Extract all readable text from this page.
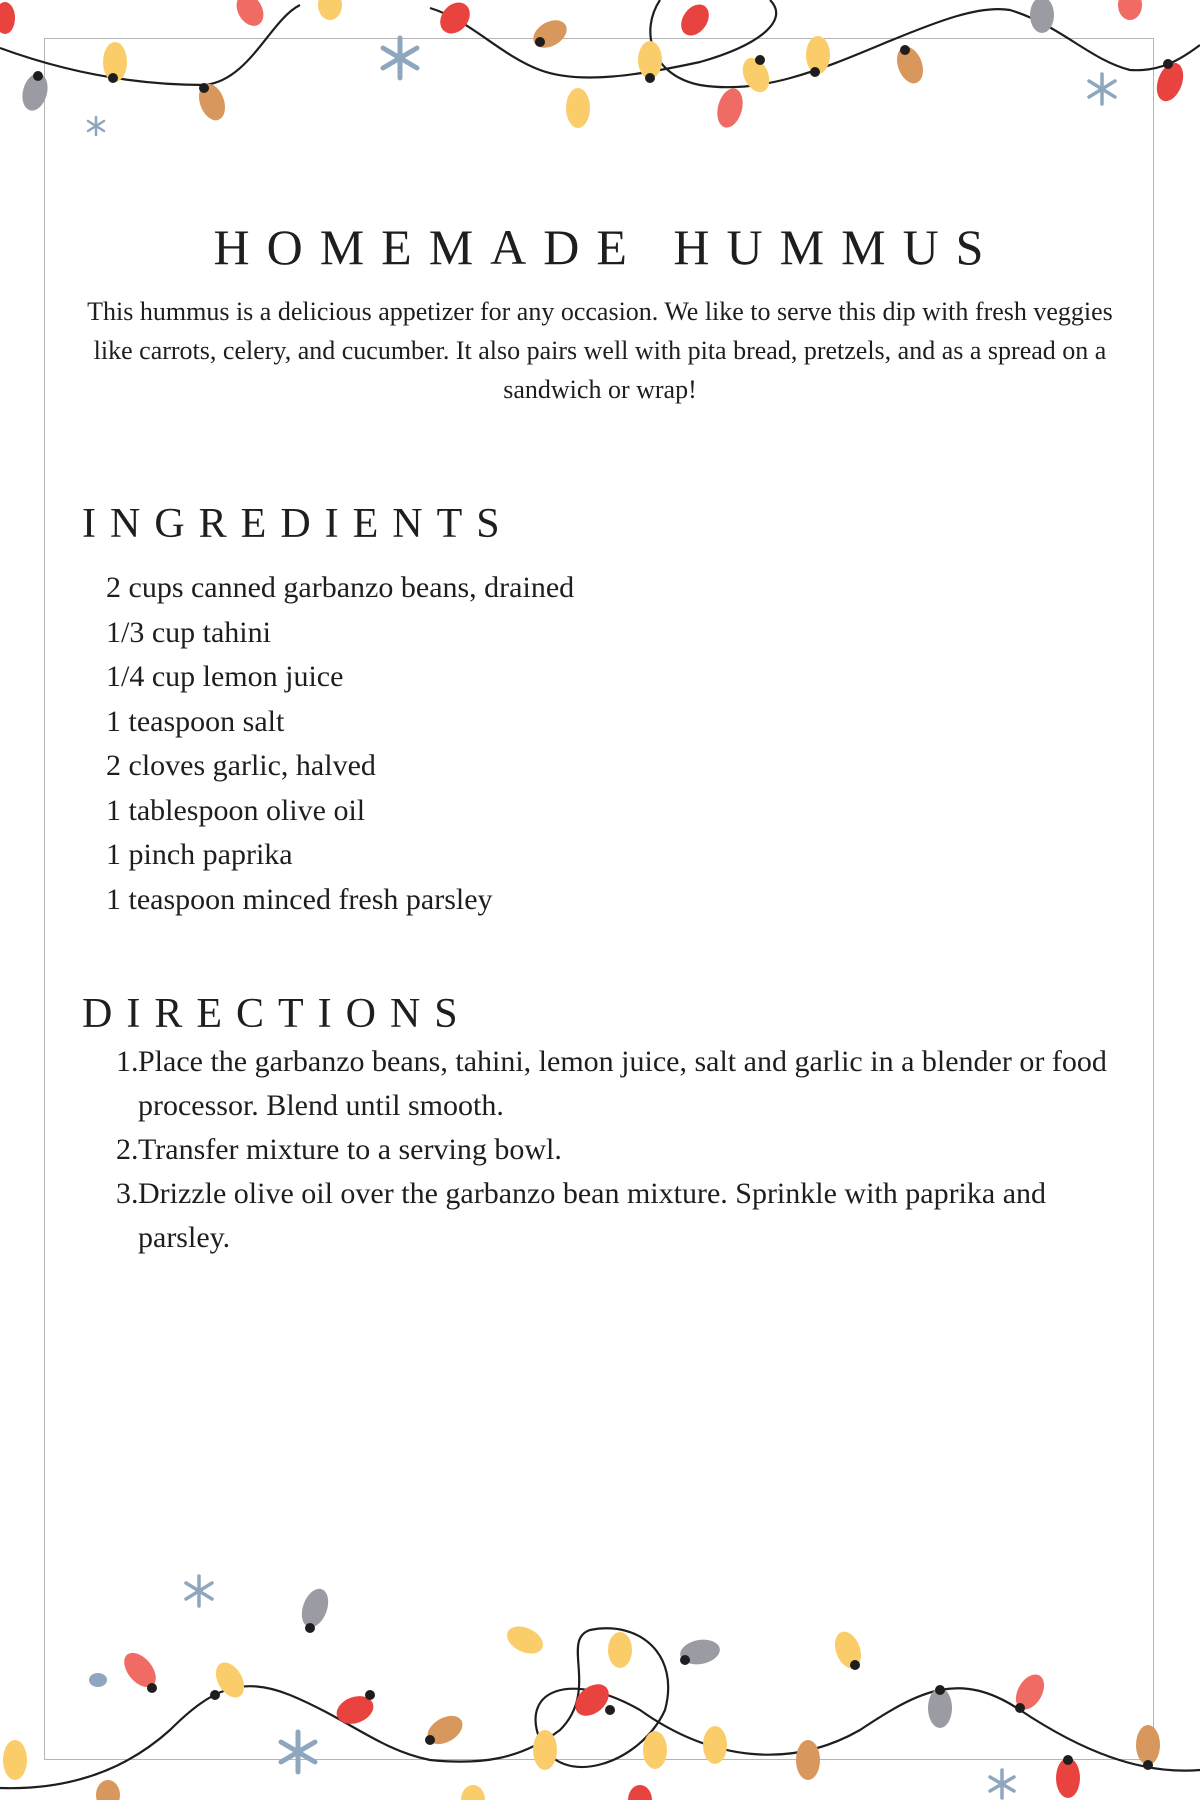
HOMEMADE HUMMUS

This hummus is a delicious appetizer for any occasion. We like to serve this dip with fresh veggies like carrots, celery, and cucumber. It also pairs well with pita bread, pretzels, and as a spread on a sandwich or wrap!

INGREDIENTS
2 cups canned garbanzo beans, drained
1/3 cup tahini
1/4 cup lemon juice
1 teaspoon salt
2 cloves garlic, halved
1 tablespoon olive oil
1 pinch paprika
1 teaspoon minced fresh parsley
DIRECTIONS
1. Place the garbanzo beans, tahini, lemon juice, salt and garlic in a blender or food processor. Blend until smooth.
2. Transfer mixture to a serving bowl.
3. Drizzle olive oil over the garbanzo bean mixture. Sprinkle with paprika and parsley.
